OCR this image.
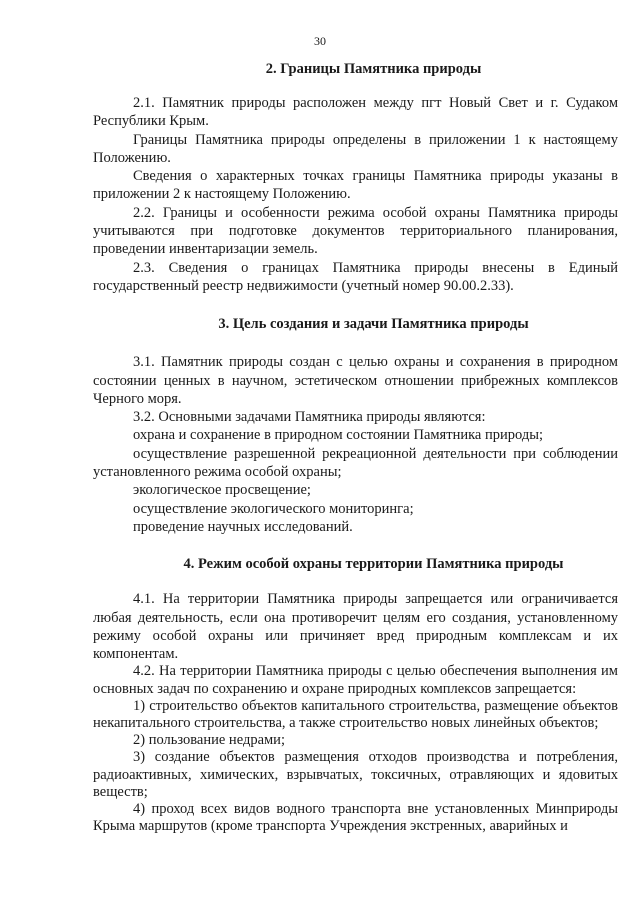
30
2. Границы Памятника природы

2.1. Памятник природы расположен между пгт Новый Свет и г. Судаком Республики Крым.

Границы Памятника природы определены в приложении 1 к настоящему Положению.

Сведения о характерных точках границы Памятника природы указаны в приложении 2 к настоящему Положению.

2.2. Границы и особенности режима особой охраны Памятника природы учитываются при подготовке документов территориального планирования, проведении инвентаризации земель.

2.3. Сведения о границах Памятника природы внесены в Единый государственный реестр недвижимости (учетный номер 90.00.2.33).

3. Цель создания и задачи Памятника природы

3.1. Памятник природы создан с целью охраны и сохранения в природном состоянии ценных в научном, эстетическом отношении прибрежных комплексов Черного моря.

3.2. Основными задачами Памятника природы являются:

охрана и сохранение в природном состоянии Памятника природы;

осуществление разрешенной рекреационной деятельности при соблюдении установленного режима особой охраны;

экологическое просвещение;

осуществление экологического мониторинга;

проведение научных исследований.

4. Режим особой охраны территории Памятника природы

4.1. На территории Памятника природы запрещается или ограничивается любая деятельность, если она противоречит целям его создания, установленному режиму особой охраны или причиняет вред природным комплексам и их компонентам.

4.2. На территории Памятника природы с целью обеспечения выполнения им основных задач по сохранению и охране природных комплексов запрещается:

1) строительство объектов капитального строительства, размещение объектов некапитального строительства, а также строительство новых линейных объектов;

2) пользование недрами;

3) создание объектов размещения отходов производства и потребления, радиоактивных, химических, взрывчатых, токсичных, отравляющих и ядовитых веществ;

4) проход всех видов водного транспорта вне установленных Минприроды Крыма маршрутов (кроме транспорта Учреждения экстренных, аварийных и
